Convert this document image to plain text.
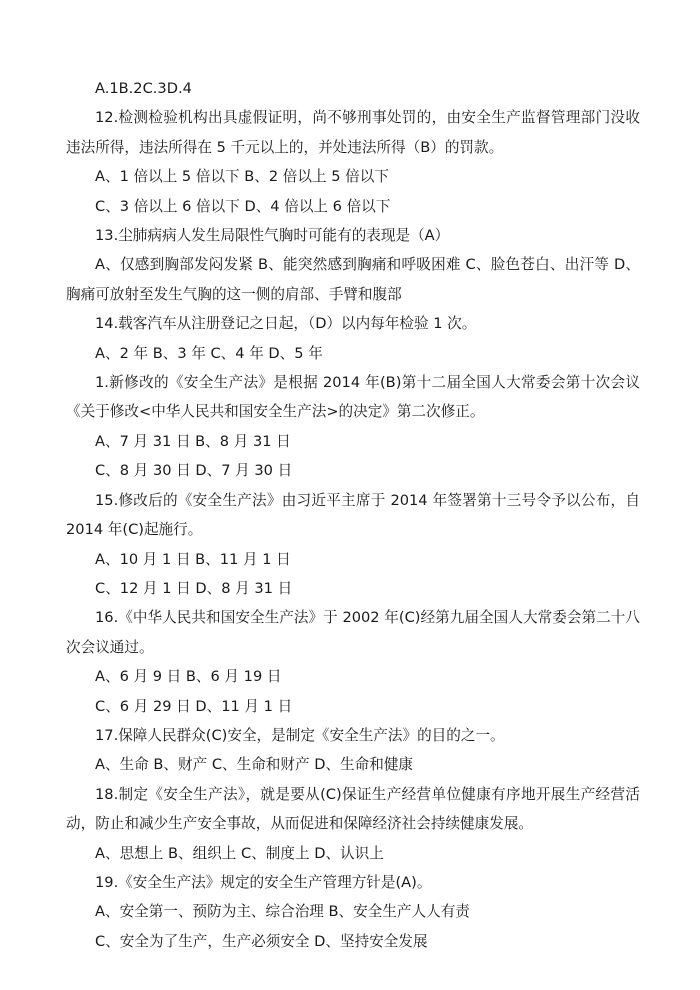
A.1B.2C.3D.4

12.检测检验机构出具虚假证明，尚不够刑事处罚的，由安全生产监督管理部门没收违法所得，违法所得在 5 千元以上的，并处违法所得（B）的罚款。

A、1 倍以上 5 倍以下 B、2 倍以上 5 倍以下

C、3 倍以上 6 倍以下 D、4 倍以上 6 倍以下

13.尘肺病病人发生局限性气胸时可能有的表现是（A）

A、仅感到胸部发闷发紧 B、能突然感到胸痛和呼吸困难 C、脸色苍白、出汗等 D、胸痛可放射至发生气胸的这一侧的肩部、手臂和腹部

14.载客汽车从注册登记之日起，（D）以内每年检验 1 次。

A、2 年 B、3 年 C、4 年 D、5 年

1.新修改的《安全生产法》是根据 2014 年(B)第十二届全国人大常委会第十次会议《关于修改<中华人民共和国安全生产法>的决定》第二次修正。

A、7 月 31 日 B、8 月 31 日

C、8 月 30 日 D、7 月 30 日

15.修改后的《安全生产法》由习近平主席于 2014 年签署第十三号令予以公布，自 2014 年(C)起施行。

A、10 月 1 日 B、11 月 1 日

C、12 月 1 日 D、8 月 31 日

16.《中华人民共和国安全生产法》于 2002 年(C)经第九届全国人大常委会第二十八次会议通过。

A、6 月 9 日 B、6 月 19 日

C、6 月 29 日 D、11 月 1 日

17.保障人民群众(C)安全，是制定《安全生产法》的目的之一。

A、生命 B、财产 C、生命和财产 D、生命和健康

18.制定《安全生产法》，就是要从(C)保证生产经营单位健康有序地开展生产经营活动，防止和减少生产安全事故，从而促进和保障经济社会持续健康发展。

A、思想上 B、组织上 C、制度上 D、认识上

19.《安全生产法》规定的安全生产管理方针是(A)。

A、安全第一、预防为主、综合治理 B、安全生产人人有责

C、安全为了生产，生产必须安全 D、坚持安全发展
